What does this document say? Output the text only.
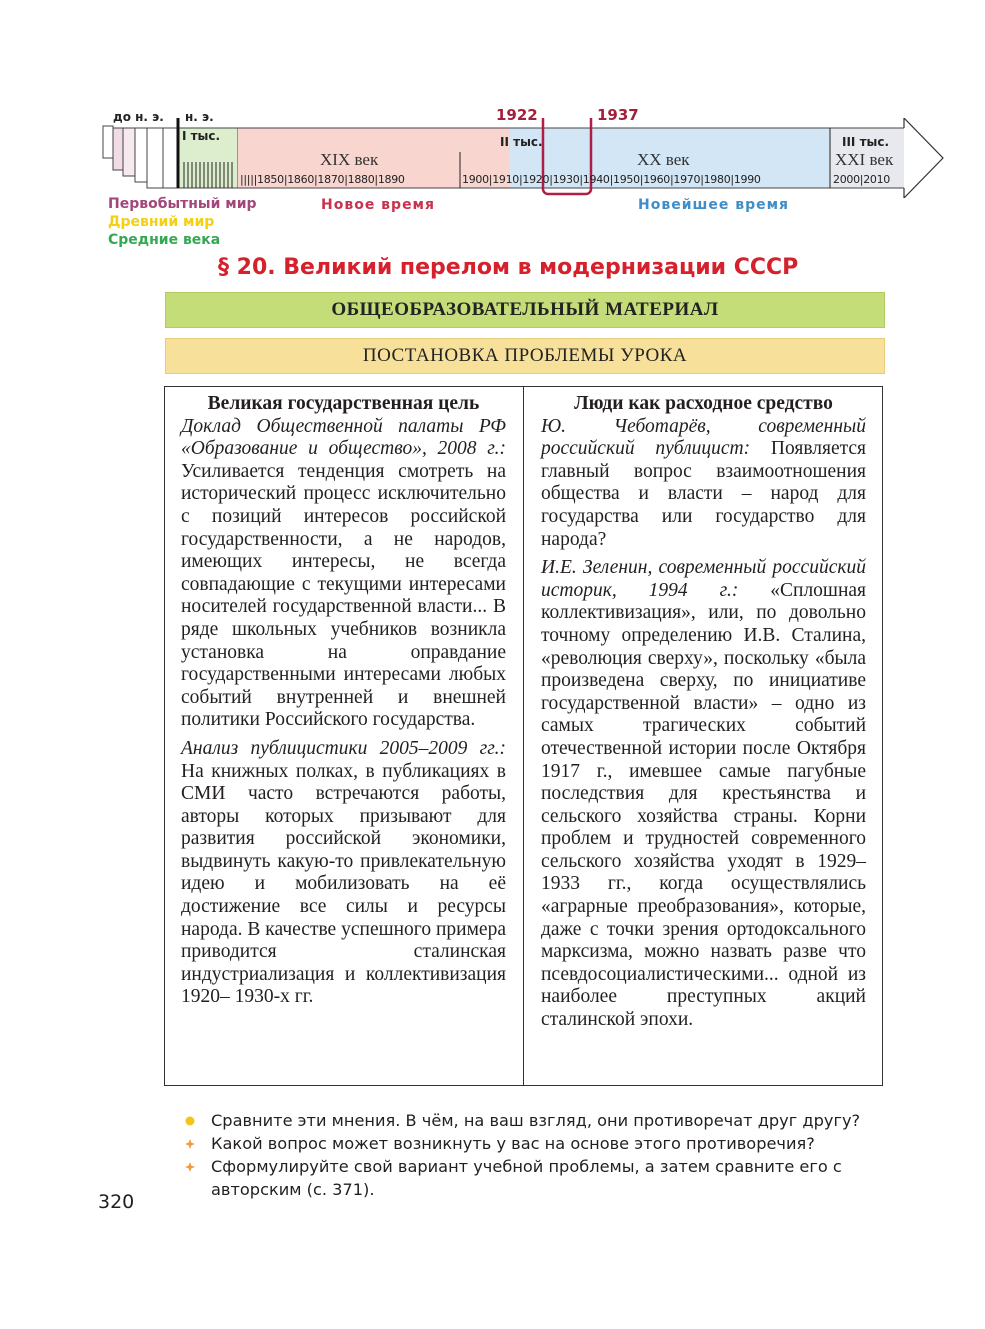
до н. э. н. э.	1922	1937
I тыс.	II тыс.	III тыс.
XIX век	XX век	XXI век
|||||1850|1860|1870|1880|1890	1900|1910|1920|1930|1940|1950|1960|1970|1980|1990	2000|2010
Первобытный мир
Древний мир
Средние века
Новое время	Новейшее время
§ 20. Великий перелом в модернизации СССР
ОБЩЕОБРАЗОВАТЕЛЬНЫЙ МАТЕРИАЛ
ПОСТАНОВКА ПРОБЛЕМЫ УРОКА

Великая государственная цель

Доклад Общественной палаты РФ «Образование и общество», 2008 г.: Усиливается тенденция смотреть на исторический процесс исключительно с позиций интересов российской государственности, а не народов, имеющих интересы, не всегда совпадающие с текущими интересами носителей государственной власти... В ряде школьных учебников возникла установка на оправдание государственными интересами любых событий внутренней и внешней политики Российского государства.

Анализ публицистики 2005–2009 гг.: На книжных полках, в публикациях в СМИ часто встречаются работы, авторы которых призывают для развития российской экономики, выдвинуть какую-то привлекательную идею и мобилизовать на её достижение все силы и ресурсы народа. В качестве успешного примера приводится сталинская индустриализация и коллективизация 1920– 1930-х гг.

Люди как расходное средство

Ю. Чеботарёв, современный российский публицист: Появляется главный вопрос взаимоотношения общества и власти – народ для государства или государство для народа?

И.Е. Зеленин, современный российский историк, 1994 г.: «Сплошная коллективизация», или, по довольно точному определению И.В. Сталина, «революция сверху», поскольку «была произведена сверху, по инициативе государственной власти» – одно из самых трагических событий отечественной истории после Октября 1917 г., имевшее самые пагубные последствия для крестьянства и сельского хозяйства страны. Корни проблем и трудностей современного сельского хозяйства уходят в 1929–1933 гг., когда осуществлялись «аграрные преобразования», которые, даже с точки зрения ортодоксального марксизма, можно назвать разве что псевдосоциалистическими... одной из наиболее преступных акций сталинской эпохи.

Сравните эти мнения. В чём, на ваш взгляд, они противоречат друг другу?
Какой вопрос может возникнуть у вас на основе этого противоречия?
Сформулируйте свой вариант учебной проблемы, а затем сравните его с авторским (с. 371).
320
